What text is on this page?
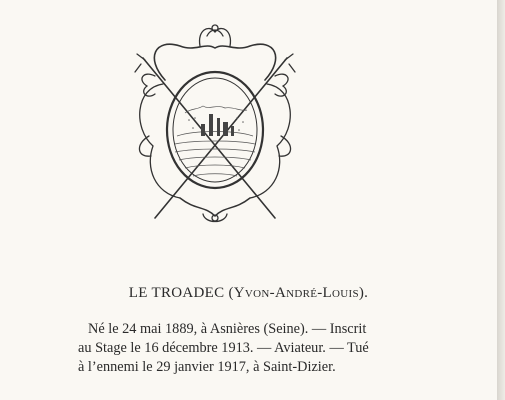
LE TROADEC (Yvon-André-Louis).
Né le 24 mai 1889, à Asnières (Seine). — Inscrit
au Stage le 16 décembre 1913. — Aviateur. — Tué
à l’ennemi le 29 janvier 1917, à Saint-Dizier.
